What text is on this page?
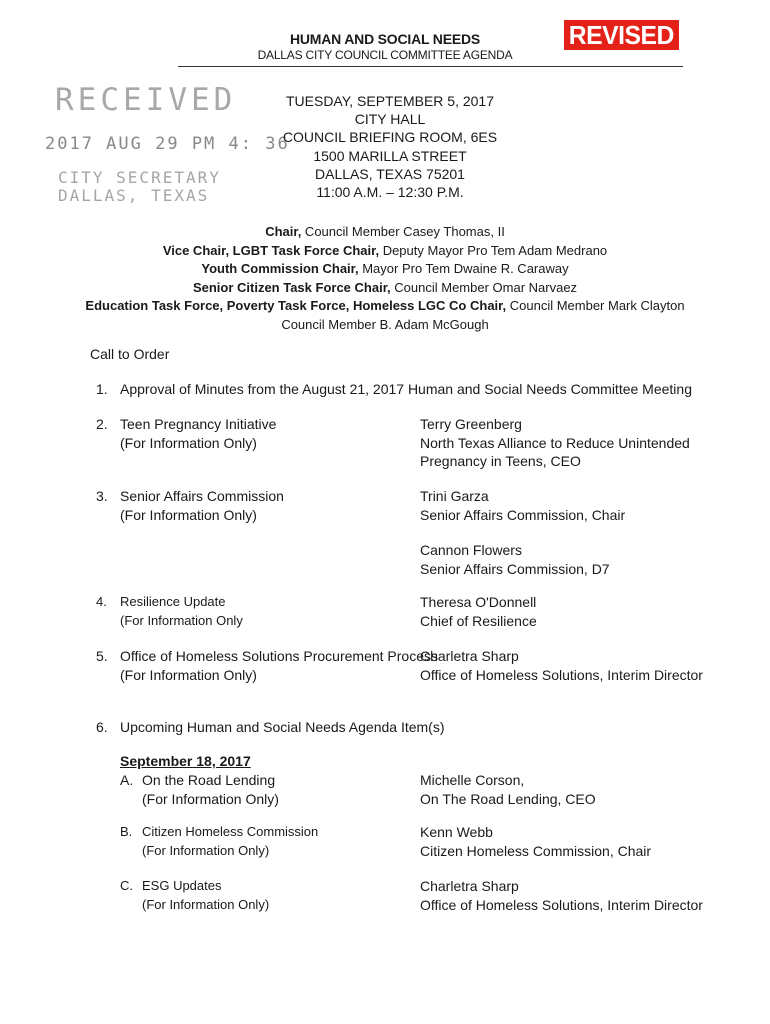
HUMAN AND SOCIAL NEEDS
DALLAS CITY COUNCIL COMMITTEE AGENDA
REVISED
RECEIVED
2017 AUG 29 PM 4: 36
CITY SECRETARY
DALLAS, TEXAS
TUESDAY, SEPTEMBER 5, 2017
CITY HALL
COUNCIL BRIEFING ROOM, 6ES
1500 MARILLA STREET
DALLAS, TEXAS 75201
11:00 A.M. – 12:30 P.M.
Chair, Council Member Casey Thomas, II
Vice Chair, LGBT Task Force Chair, Deputy Mayor Pro Tem Adam Medrano
Youth Commission Chair, Mayor Pro Tem Dwaine R. Caraway
Senior Citizen Task Force Chair, Council Member Omar Narvaez
Education Task Force, Poverty Task Force, Homeless LGC Co Chair, Council Member Mark Clayton
Council Member B. Adam McGough
Call to Order
1. Approval of Minutes from the August 21, 2017 Human and Social Needs Committee Meeting
2. Teen Pregnancy Initiative
(For Information Only)
Terry Greenberg
North Texas Alliance to Reduce Unintended
Pregnancy in Teens, CEO
3. Senior Affairs Commission
(For Information Only)
Trini Garza
Senior Affairs Commission, Chair
Cannon Flowers
Senior Affairs Commission, D7
4.	Resilience Update
(For Information Only
Theresa O'Donnell
Chief of Resilience
5. Office of Homeless Solutions Procurement Process
(For Information Only)
Charletra Sharp
Office of Homeless Solutions, Interim Director
6. Upcoming Human and Social Needs Agenda Item(s)
September 18, 2017
A. On the Road Lending
(For Information Only)
Michelle Corson,
On The Road Lending, CEO
B. Citizen Homeless Commission
(For Information Only)
Kenn Webb
Citizen Homeless Commission, Chair
C. ESG Updates
(For Information Only)
Charletra Sharp
Office of Homeless Solutions, Interim Director
